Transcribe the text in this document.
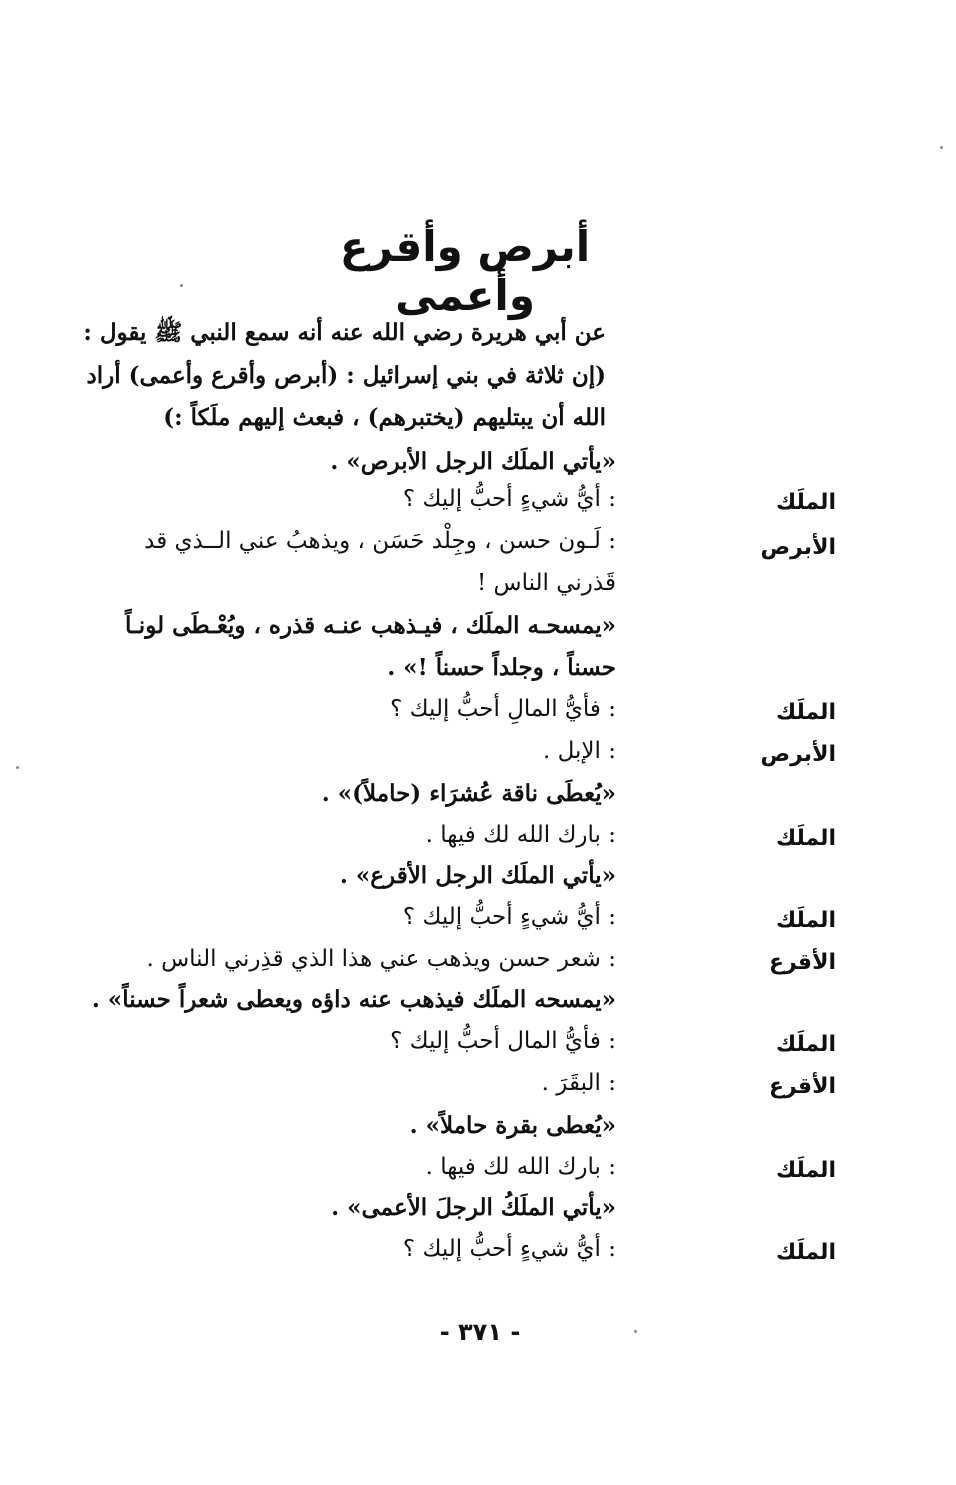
أبرص وأقرع وأعمى
عن أبي هريرة رضي الله عنه أنه سمع النبي ﷺ يقول :
(إن ثلاثة في بني إسرائيل : (أبرص وأقرع وأعمى) أراد
الله أن يبتليهم (يختبرهم) ، فبعث إليهم ملَكاً :)
«يأتي الملَك الرجل الأبرص» .
الملَك
: أيُّ شيءٍ أحبُّ إليك ؟
الأبرص
: لَـون حسن ، وجِلْد حَسَن ، ويذهبُ عني الــذي قد
قَذرني الناس !
«يمسحـه الملَك ، فيـذهب عنـه قذره ، ويُعْـطَى لونـاً
حسناً ، وجلداً حسناً !» .
الملَك
: فأيُّ المالِ أحبُّ إليك ؟
الأبرص
: الإبل .
«يُعطَى ناقة عُشرَاء (حاملاً)» .
الملَك
: بارك الله لك فيها .
«يأتي الملَك الرجل الأقرع» .
الملَك
: أيُّ شيءٍ أحبُّ إليك ؟
الأقرع
: شعر حسن ويذهب عني هذا الذي قذِرني الناس .
«يمسحه الملَك فيذهب عنه داؤه ويعطى شعراً حسناً» .
الملَك
: فأيُّ المال أحبُّ إليك ؟
الأقرع
: البقَرَ .
«يُعطى بقرة حاملاً» .
الملَك
: بارك الله لك فيها .
«يأتي الملَكُ الرجلَ الأعمى» .
الملَك
: أيُّ شيءٍ أحبُّ إليك ؟
- ٣٧١ -
